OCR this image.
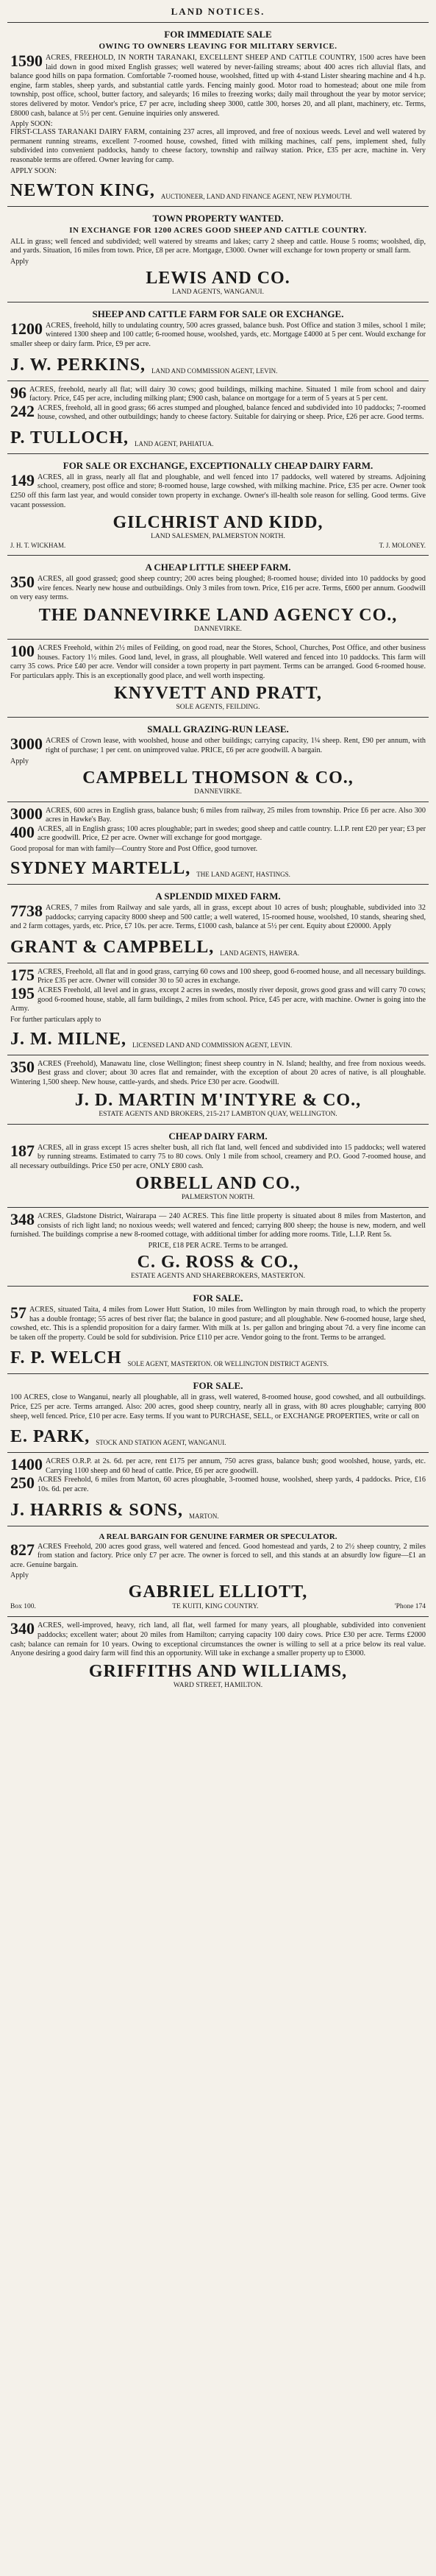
LAND NOTICES.
FOR IMMEDIATE SALE
OWING TO OWNERS LEAVING FOR MILITARY SERVICE.
1590 ACRES, FREEHOLD, IN NORTH TARANAKI, EXCELLENT SHEEP AND CATTLE COUNTRY, 1500 acres have been laid down in good mixed English grasses; well watered by never-failing streams; about 400 acres rich alluvial flats, and balance good hills on papa formation. Comfortable 7-roomed house, woolshed, fitted up with 4-stand Lister shearing machine and 4 h.p. engine, farm stables, sheep yards, and substantial cattle yards. Fencing mainly good. Motor road to homestead; about one mile from township, post office, school, butter factory, and saleyards; 16 miles to freezing works; daily mail throughout the year by motor service; stores delivered by motor. Vendor's price, £7 per acre, including sheep 3000, cattle 300, horses 20, and all plant, machinery, etc. Terms, £8000 cash, balance at 5½ per cent. Genuine inquiries only answered.
Apply SOON:
FIRST-CLASS TARANAKI DAIRY FARM, containing 237 acres, all improved, and free of noxious weeds. Level and well watered by permanent running streams, excellent 7-roomed house, cowshed, fitted with milking machines, calf pens, implement shed, fully subdivided into convenient paddocks, handy to cheese factory, township and railway station. Price, £35 per acre, machine in. Very reasonable terms are offered. Owner leaving for camp.
APPLY SOON:
NEWTON KING, AUCTIONEER, LAND AND FINANCE AGENT, NEW PLYMOUTH.
TOWN PROPERTY WANTED.
IN EXCHANGE FOR 1200 ACRES GOOD SHEEP AND CATTLE COUNTRY.
ALL in grass; well fenced and subdivided; well watered by streams and lakes; carry 2 sheep and cattle. House 5 rooms; woolshed, dip, and yards. Situation, 16 miles from town. Price, £8 per acre. Mortgage, £3000. Owner will exchange for town property or small farm.
Apply
LEWIS AND CO.
LAND AGENTS, WANGANUI.
SHEEP AND CATTLE FARM FOR SALE OR EXCHANGE.
1200 ACRES, freehold, hilly to undulating country, 500 acres grassed, balance bush. Post Office and station 3 miles, school 1 mile; wintered 1300 sheep and 100 cattle; 6-roomed house, woolshed, yards, etc. Mortgage £4000 at 5 per cent. Would exchange for smaller sheep or dairy farm. Price, £9 per acre.
J. W. PERKINS, LAND AND COMMISSION AGENT, LEVIN.
96 ACRES, freehold, nearly all flat; will dairy 30 cows; good buildings, milking machine. Situated 1 mile from school and dairy factory. Price, £45 per acre, including milking plant; £900 cash, balance on mortgage for a term of 5 years at 5 per cent.
242 ACRES, freehold, all in good grass; 66 acres stumped and ploughed, balance fenced and subdivided into 10 paddocks; 7-roomed house, cowshed, and other outbuildings; handy to cheese factory. Suitable for dairying or sheep. Price, £26 per acre. Good terms.
P. TULLOCH, LAND AGENT, PAHIATUA.
FOR SALE OR EXCHANGE, EXCEPTIONALLY CHEAP DAIRY FARM.
149 ACRES, all in grass, nearly all flat and ploughable, and well fenced into 17 paddocks, well watered by streams. Adjoining school, creamery, post office and store; 8-roomed house, large cowshed, with milking machine. Price, £35 per acre. Owner took £250 off this farm last year, and would consider town property in exchange. Owner's ill-health sole reason for selling. Good terms. Give vacant possession.
GILCHRIST AND KIDD,
LAND SALESMEN, PALMERSTON NORTH.
J. H. T. WICKHAM.	T. J. MOLONEY.
A CHEAP LITTLE SHEEP FARM.
350 ACRES, all good grassed; good sheep country; 200 acres being ploughed; 8-roomed house; divided into 10 paddocks by good wire fences. Nearly new house and outbuildings. Only 3 miles from town. Price, £16 per acre. Terms, £600 per annum. Goodwill on very easy terms.
THE DANNEVIRKE LAND AGENCY CO.,
DANNEVIRKE.
100 ACRES Freehold, within 2½ miles of Feilding, on good road, near the Stores, School, Churches, Post Office, and other business houses. Factory 1½ miles. Good land, level, in grass, all ploughable. Well watered and fenced into 10 paddocks. This farm will carry 35 cows. Price £40 per acre. Vendor will consider a town property in part payment. Terms can be arranged. Good 6-roomed house. For particulars apply. This is an exceptionally good place, and well worth inspecting.
KNYVETT AND PRATT,
SOLE AGENTS, FEILDING.
SMALL GRAZING-RUN LEASE.
3000 ACRES of Crown lease, with woolshed, house and other buildings; carrying capacity, 1¼ sheep. Rent, £90 per annum, with right of purchase; 1 per cent. on unimproved value. PRICE, £6 per acre goodwill. A bargain.
Apply
CAMPBELL THOMSON & CO.,
DANNEVIRKE.
3000 ACRES, 600 acres in English grass, balance bush; 6 miles from railway, 25 miles from township. Price £6 per acre. Also 300 acres in Hawke's Bay.
400 ACRES, all in English grass; 100 acres ploughable; part in swedes; good sheep and cattle country. L.I.P. rent £20 per year; £3 per acre goodwill. Price, £2 per acre. Owner will exchange for good mortgage.
Good proposal for man with family—Country Store and Post Office, good turnover.
SYDNEY MARTELL, THE LAND AGENT, HASTINGS.
A SPLENDID MIXED FARM.
7738 ACRES, 7 miles from Railway and sale yards, all in grass, except about 10 acres of bush; ploughable, subdivided into 32 paddocks; carrying capacity 8000 sheep and 500 cattle; a well watered, 15-roomed house, woolshed, 10 stands, shearing shed, and 2 farm cottages, yards, etc. Price, £7 10s. per acre. Terms, £1000 cash, balance at 5½ per cent. Equity about £20000. Apply
GRANT & CAMPBELL, LAND AGENTS, HAWERA.
175 ACRES, Freehold, all flat and in good grass, carrying 60 cows and 100 sheep, good 6-roomed house, and all necessary buildings. Price £35 per acre. Owner will consider 30 to 50 acres in exchange.
195 ACRES Freehold, all level and in grass, except 2 acres in swedes, mostly river deposit, grows good grass and will carry 70 cows; good 6-roomed house, stable, all farm buildings, 2 miles from school. Price, £45 per acre, with machine. Owner is going into the Army.
For further particulars apply to
J. M. MILNE, LICENSED LAND AND COMMISSION AGENT, LEVIN.
350 ACRES (Freehold), Manawatu line, close Wellington; finest sheep country in N. Island; healthy, and free from noxious weeds. Best grass and clover; about 30 acres flat and remainder, with the exception of about 20 acres of native, is all ploughable. Wintering 1,500 sheep. New house, cattle-yards, and sheds. Price £30 per acre. Goodwill.
J. D. MARTIN M'INTYRE & CO.,
ESTATE AGENTS AND BROKERS, 215-217 LAMBTON QUAY, WELLINGTON.
CHEAP DAIRY FARM.
187 ACRES, all in grass except 15 acres shelter bush, all rich flat land, well fenced and subdivided into 15 paddocks; well watered by running streams. Estimated to carry 75 to 80 cows. Only 1 mile from school, creamery and P.O. Good 7-roomed house, and all necessary outbuildings. Price £50 per acre, ONLY £800 cash.
ORBELL AND CO.,
PALMERSTON NORTH.
348 ACRES, Gladstone District, Wairarapa — 240 ACRES. This fine little property is situated about 8 miles from Masterton, and consists of rich light land; no noxious weeds; well watered and fenced; carrying 800 sheep; the house is new, modern, and well furnished. The buildings comprise a new 8-roomed cottage, with additional timber for adding more rooms. Title, L.I.P. Rent 5s.
PRICE, £18 PER ACRE. Terms to be arranged.
C. G. ROSS & CO.,
ESTATE AGENTS AND SHAREBROKERS, MASTERTON.
FOR SALE.
57 ACRES, situated Taita, 4 miles from Lower Hutt Station, 10 miles from Wellington by main through road, to which the property has a double frontage; 55 acres of best river flat; the balance in good pasture; and all ploughable. New 6-roomed house, large shed, cowshed, etc. This is a splendid proposition for a dairy farmer. With milk at 1s. per gallon and bringing about 7d. a very fine income can be taken off the property. Could be sold for subdivision. Price £110 per acre. Vendor going to the front. Terms to be arranged.
F. P. WELCH SOLE AGENT, MASTERTON. OR WELLINGTON DISTRICT AGENTS.
FOR SALE.
100 ACRES, close to Wanganui, nearly all ploughable, all in grass, well watered, 8-roomed house, good cowshed, and all outbuildings. Price, £25 per acre. Terms arranged. Also: 200 acres, good sheep country, nearly all in grass, with 80 acres ploughable; carrying 800 sheep, well fenced. Price, £10 per acre. Easy terms. If you want to PURCHASE, SELL, or EXCHANGE PROPERTIES, write or call on
E. PARK, STOCK AND STATION AGENT, WANGANUI.
1400 ACRES O.R.P. at 2s. 6d. per acre, rent £175 per annum, 750 acres grass, balance bush; good woolshed, house, yards, etc. Carrying 1100 sheep and 60 head of cattle. Price, £6 per acre goodwill.
250 ACRES Freehold, 6 miles from Marton, 60 acres ploughable, 3-roomed house, woolshed, sheep yards, 4 paddocks. Price, £16 10s. 6d. per acre.
J. HARRIS & SONS, MARTON.
A REAL BARGAIN FOR GENUINE FARMER OR SPECULATOR.
827 ACRES Freehold, 200 acres good grass, well watered and fenced. Good homestead and yards, 2 to 2½ sheep country, 2 miles from station and factory. Price only £7 per acre. The owner is forced to sell, and this stands at an absurdly low figure—£1 an acre. Genuine bargain.
Apply
GABRIEL ELLIOTT,
Box 100.	TE KUITI, KING COUNTRY.	'Phone 174
340 ACRES, well-improved, heavy, rich land, all flat, well farmed for many years, all ploughable, subdivided into convenient paddocks; excellent water; about 20 miles from Hamilton; carrying capacity 100 dairy cows. Price £30 per acre. Terms £2000 cash; balance can remain for 10 years. Owing to exceptional circumstances the owner is willing to sell at a price below its real value. Anyone desiring a good dairy farm will find this an opportunity. Will take in exchange a smaller property up to £3000.
GRIFFITHS AND WILLIAMS,
WARD STREET, HAMILTON.
